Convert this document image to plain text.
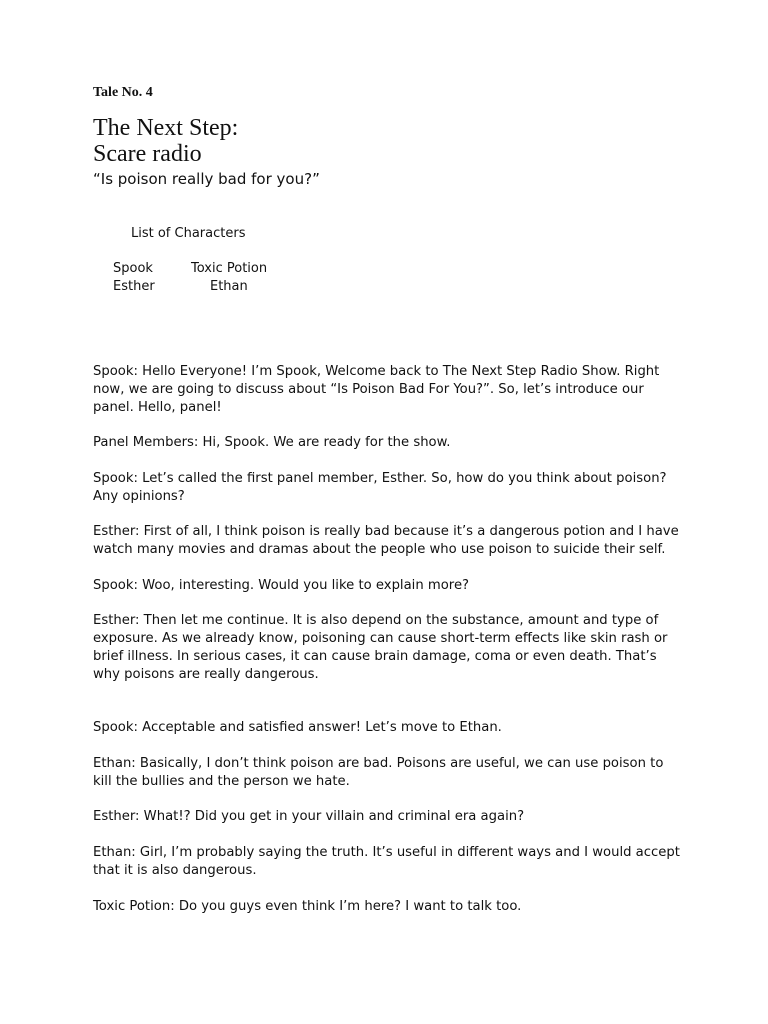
Tale No. 4
The Next Step:
Scare radio
“Is poison really bad for you?”
List of Characters
Spook	Toxic Potion
Esther	Ethan

Spook: Hello Everyone! I’m Spook, Welcome back to The Next Step Radio Show. Right now, we are going to discuss about “Is Poison Bad For You?”. So, let’s introduce our panel. Hello, panel!

Panel Members: Hi, Spook. We are ready for the show.

Spook: Let’s called the first panel member, Esther. So, how do you think about poison? Any opinions?

Esther: First of all, I think poison is really bad because it’s a dangerous potion and I have watch many movies and dramas about the people who use poison to suicide their self.

Spook: Woo, interesting. Would you like to explain more?

Esther: Then let me continue. It is also depend on the substance, amount and type of exposure. As we already know, poisoning can cause short-term effects like skin rash or brief illness. In serious cases, it can cause brain damage, coma or even death. That’s why poisons are really dangerous.

Spook: Acceptable and satisfied answer! Let’s move to Ethan.

Ethan: Basically, I don’t think poison are bad. Poisons are useful, we can use poison to kill the bullies and the person we hate.

Esther: What!? Did you get in your villain and criminal era again?

Ethan: Girl, I’m probably saying the truth. It’s useful in different ways and I would accept that it is also dangerous.

Toxic Potion: Do you guys even think I’m here? I want to talk too.
